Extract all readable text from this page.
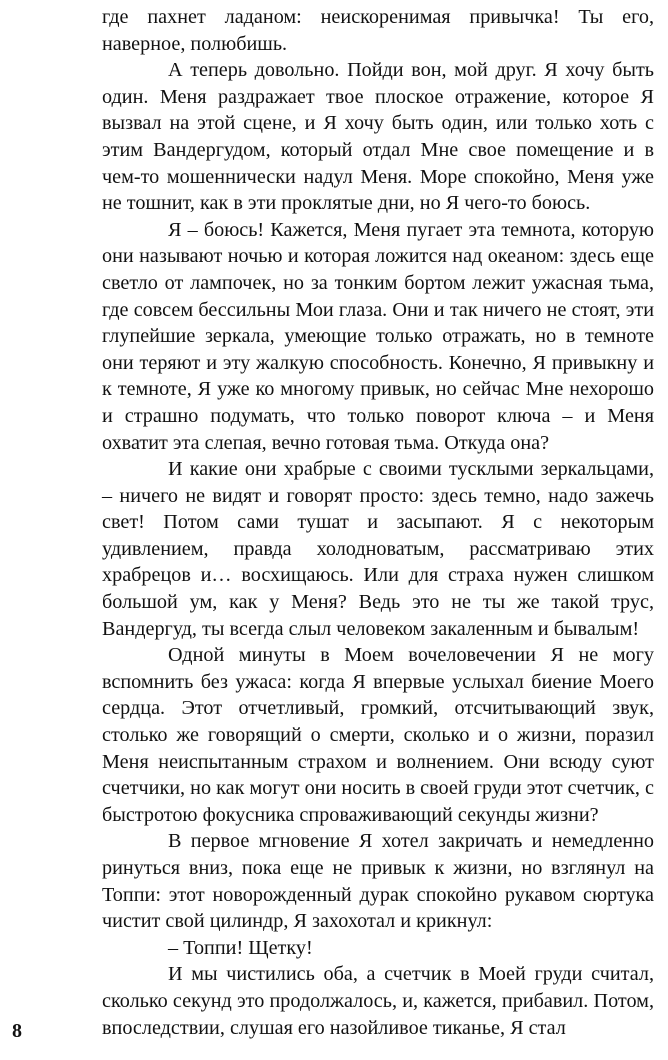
где пахнет ладаном: неискоренимая привычка! Ты его, наверное, полюбишь.

А теперь довольно. Пойди вон, мой друг. Я хочу быть один. Меня раздражает твое плоское отражение, которое Я вызвал на этой сцене, и Я хочу быть один, или только хоть с этим Вандергудом, который отдал Мне свое помещение и в чем-то мошеннически надул Меня. Море спокойно, Меня уже не тошнит, как в эти проклятые дни, но Я чего-то боюсь.

Я – боюсь! Кажется, Меня пугает эта темнота, которую они называют ночью и которая ложится над океаном: здесь еще светло от лампочек, но за тонким бортом лежит ужасная тьма, где совсем бессильны Мои глаза. Они и так ничего не стоят, эти глупейшие зеркала, умеющие только отражать, но в темноте они теряют и эту жалкую способность. Конечно, Я привыкну и к темноте, Я уже ко многому привык, но сейчас Мне нехорошо и страшно подумать, что только поворот ключа – и Меня охватит эта слепая, вечно готовая тьма. Откуда она?

И какие они храбрые с своими тусклыми зеркальцами, – ничего не видят и говорят просто: здесь темно, надо зажечь свет! Потом сами тушат и засыпают. Я с некоторым удивлением, правда холодноватым, рассматриваю этих храбрецов и… восхищаюсь. Или для страха нужен слишком большой ум, как у Меня? Ведь это не ты же такой трус, Вандергуд, ты всегда слыл человеком закаленным и бывалым!

Одной минуты в Моем вочеловечении Я не могу вспомнить без ужаса: когда Я впервые услыхал биение Моего сердца. Этот отчетливый, громкий, отсчитывающий звук, столько же говорящий о смерти, сколько и о жизни, поразил Меня неиспытанным страхом и волнением. Они всюду суют счетчики, но как могут они носить в своей груди этот счетчик, с быстротою фокусника спроваживающий секунды жизни?

В первое мгновение Я хотел закричать и немедленно ринуться вниз, пока еще не привык к жизни, но взглянул на Топпи: этот новорожденный дурак спокойно рукавом сюртука чистит свой цилиндр, Я захохотал и крикнул:

– Топпи! Щетку!

И мы чистились оба, а счетчик в Моей груди считал, сколько секунд это продолжалось, и, кажется, прибавил. Потом, впоследствии, слушая его назойливое тиканье, Я стал

8
